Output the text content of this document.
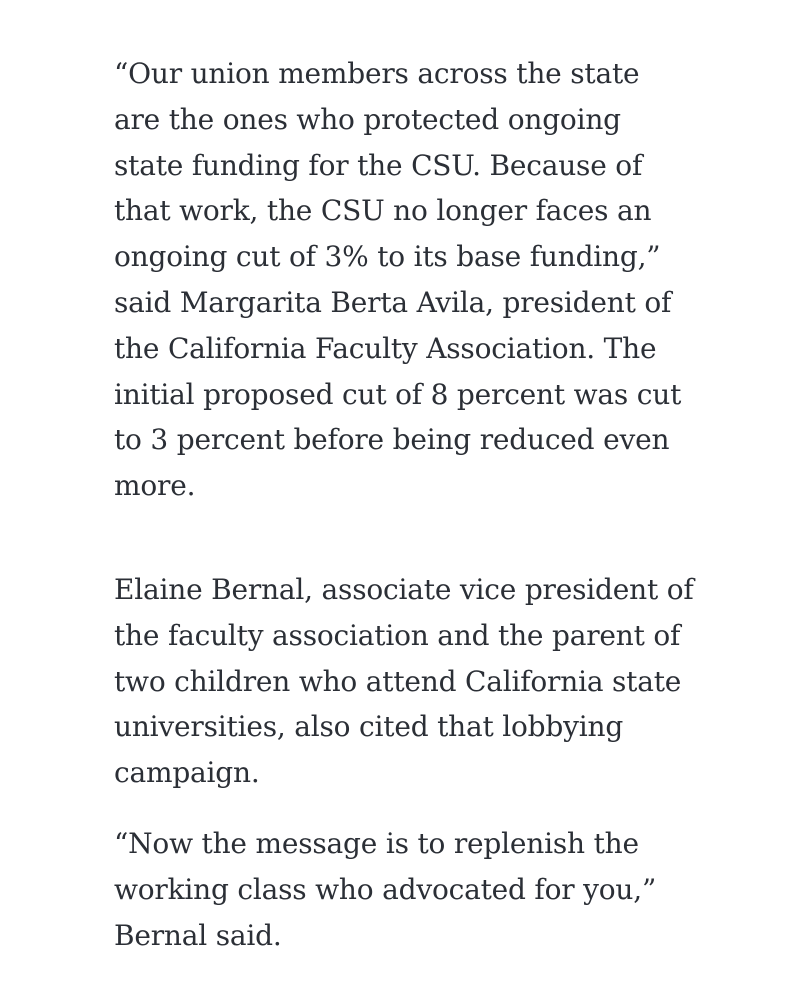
“Our union members across the state
are the ones who protected ongoing
state funding for the CSU. Because of
that work, the CSU no longer faces an
ongoing cut of 3% to its base funding,”
said Margarita Berta Avila, president of
the California Faculty Association. The
initial proposed cut of 8 percent was cut
to 3 percent before being reduced even
more.

Elaine Bernal, associate vice president of
the faculty association and the parent of
two children who attend California state
universities, also cited that lobbying
campaign.

“Now the message is to replenish the
working class who advocated for you,”
Bernal said.
